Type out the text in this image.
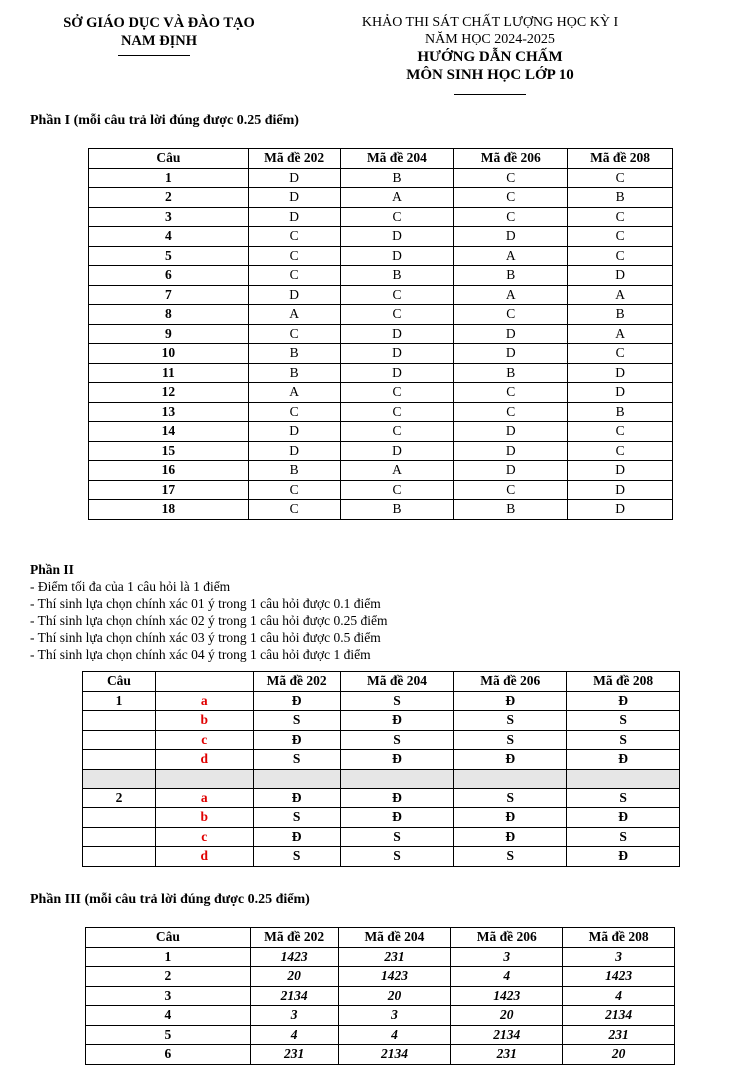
SỞ GIÁO DỤC VÀ ĐÀO TẠO
NAM ĐỊNH
KHẢO THI SÁT CHẤT LƯỢNG HỌC KỲ I
NĂM HỌC 2024-2025
HƯỚNG DẪN CHẤM
MÔN SINH HỌC LỚP 10
Phần I (mỗi câu trả lời đúng được 0.25 điểm)
Câu	Mã đề 202	Mã đề 204	Mã đề 206	Mã đề 208
1	D	B	C	C
2	D	A	C	B
3	D	C	C	C
4	C	D	D	C
5	C	D	A	C
6	C	B	B	D
7	D	C	A	A
8	A	C	C	B
9	C	D	D	A
10	B	D	D	C
11	B	D	B	D
12	A	C	C	D
13	C	C	C	B
14	D	C	D	C
15	D	D	D	C
16	B	A	D	D
17	C	C	C	D
18	C	B	B	D
Phần II
- Điểm tối đa của 1 câu hỏi là 1 điểm
- Thí sinh lựa chọn chính xác 01 ý trong 1 câu hỏi được 0.1 điểm
- Thí sinh lựa chọn chính xác 02 ý trong 1 câu hỏi được 0.25 điểm
- Thí sinh lựa chọn chính xác 03 ý trong 1 câu hỏi được 0.5 điểm
- Thí sinh lựa chọn chính xác 04 ý trong 1 câu hỏi được 1 điểm
Câu		Mã đề 202	Mã đề 204	Mã đề 206	Mã đề 208
1	a	Đ	S	Đ	Đ
	b	S	Đ	S	S
	c	Đ	S	S	S
	d	S	Đ	Đ	Đ

2	a	Đ	Đ	S	S
	b	S	Đ	Đ	Đ
	c	Đ	S	Đ	S
	d	S	S	S	Đ
Phần III (mỗi câu trả lời đúng được 0.25 điểm)
Câu	Mã đề 202	Mã đề 204	Mã đề 206	Mã đề 208
1	1423	231	3	3
2	20	1423	4	1423
3	2134	20	1423	4
4	3	3	20	2134
5	4	4	2134	231
6	231	2134	231	20
